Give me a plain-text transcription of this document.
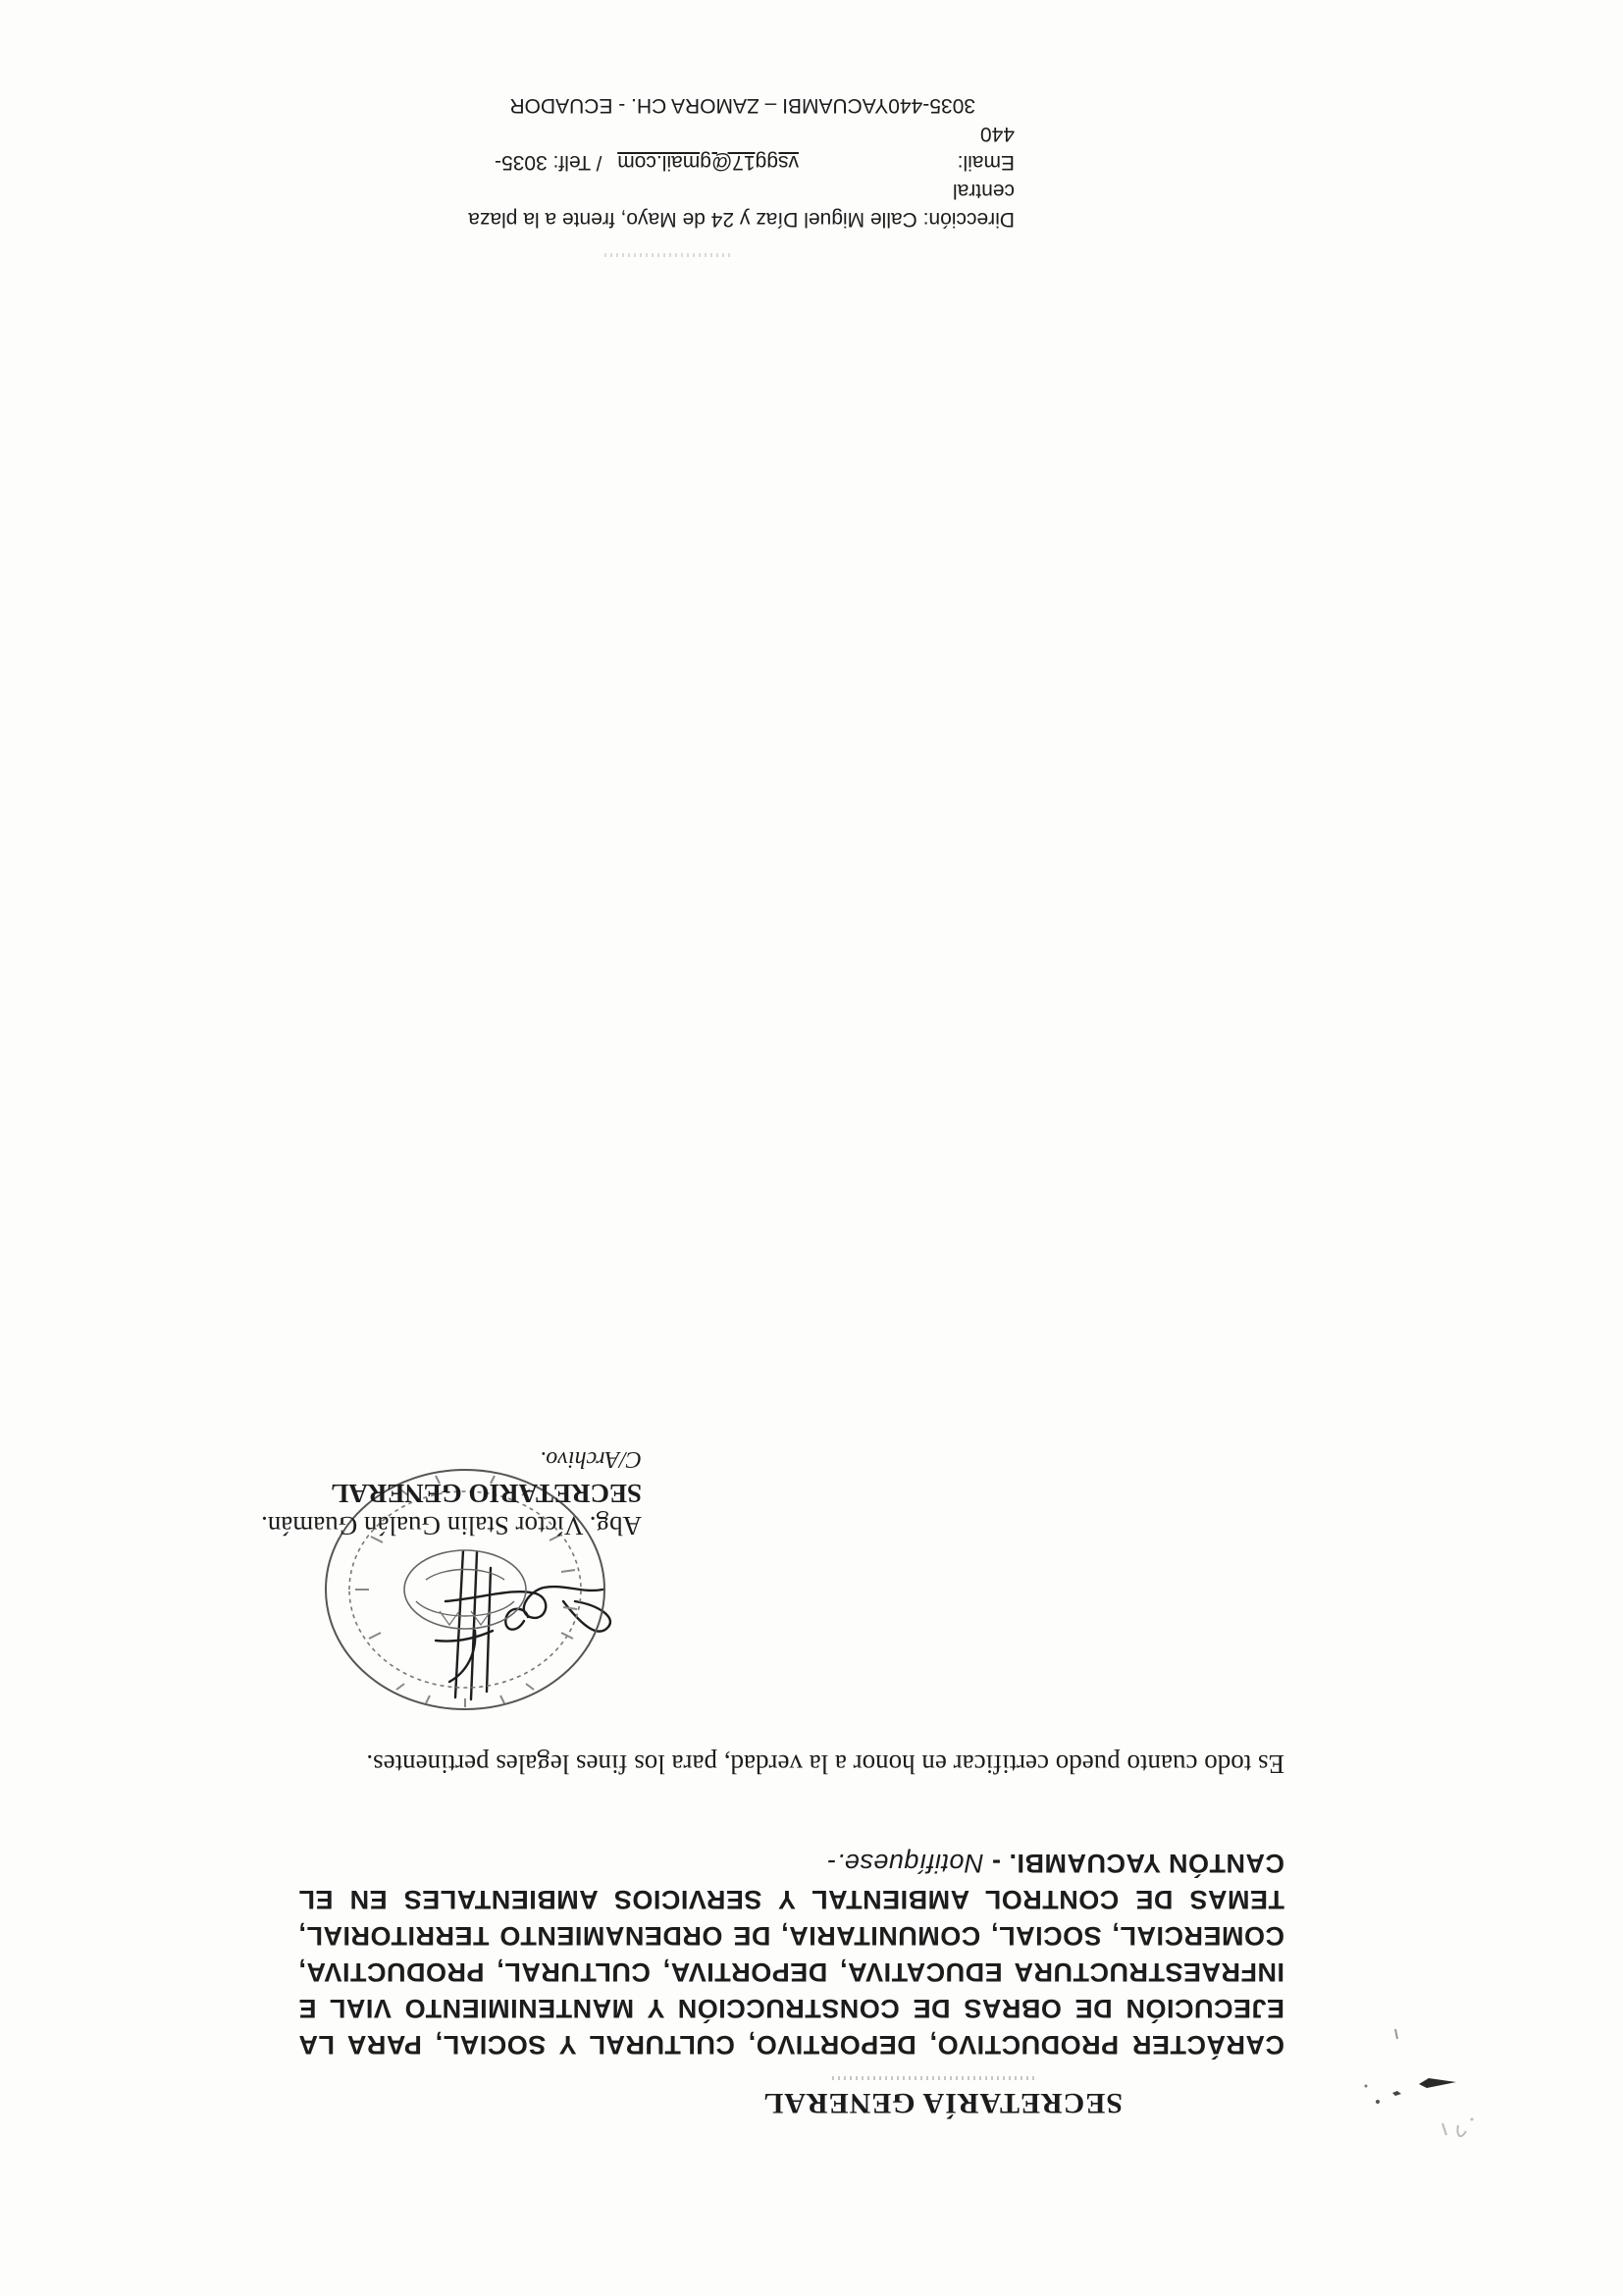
SECRETARÍA GENERAL
CARÁCTER PRODUCTIVO, DEPORTIVO, CULTURAL Y SOCIAL, PARA LA EJECUCIÓN DE OBRAS DE CONSTRUCCIÓN Y MANTENIMIENTO VIAL E INFRAESTRUCTURA EDUCATIVA, DEPORTIVA, CULTURAL, PRODUCTIVA, COMERCIAL, SOCIAL, COMUNITARIA, DE ORDENAMIENTO TERRITORIAL, TEMAS DE CONTROL AMBIENTAL Y SERVICIOS AMBIENTALES EN EL CANTÓN YACUAMBI. - Notifíquese.-
Es todo cuanto puedo certificar en honor a la verdad, para los fines legales pertinentes.
Abg. Víctor Stalin Gualán Guamán.
SECRETARIO GENERAL
C/Archivo.
Dirección: Calle Miguel Díaz y 24 de Mayo, frente a la plaza central
Email:  vsgg17@gmail.com / Telf: 3035-440
3035-440YACUAMBI – ZAMORA CH. - ECUADOR
